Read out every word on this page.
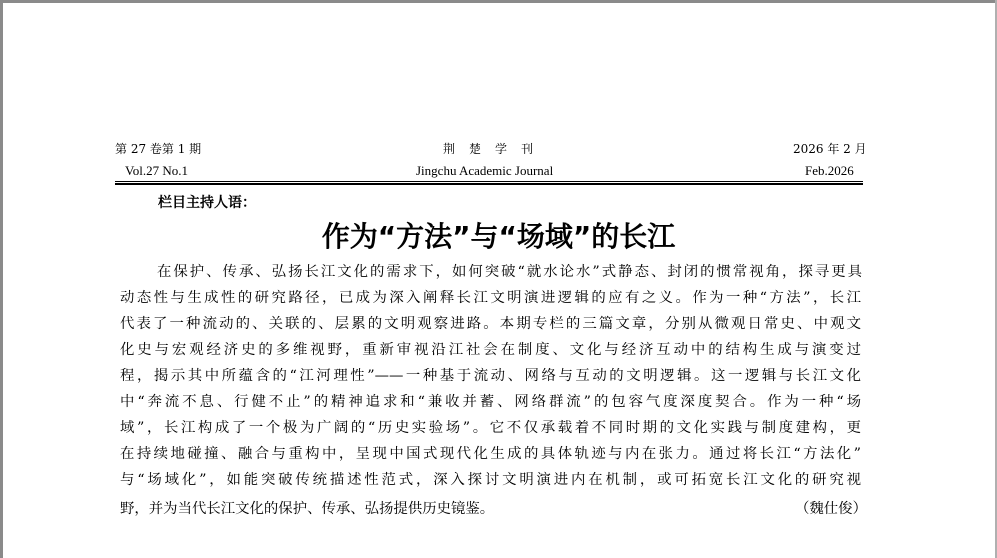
第 27 卷第 1 期
Vol.27 No.1
荆楚学刊
Jingchu Academic Journal
2026 年 2 月
Feb.2026
栏目主持人语：
作为“方法”与“场域”的长江
在保护、传承、弘扬长江文化的需求下，如何突破“就水论水”式静态、封闭的惯常视角，探寻更具
动态性与生成性的研究路径，已成为深入阐释长江文明演进逻辑的应有之义。作为一种“方法”，长江
代表了一种流动的、关联的、层累的文明观察进路。本期专栏的三篇文章，分别从微观日常史、中观文
化史与宏观经济史的多维视野，重新审视沿江社会在制度、文化与经济互动中的结构生成与演变过
程，揭示其中所蕴含的“江河理性”——一种基于流动、网络与互动的文明逻辑。这一逻辑与长江文化
中“奔流不息、行健不止”的精神追求和“兼收并蓄、网络群流”的包容气度深度契合。作为一种“场
域”，长江构成了一个极为广阔的“历史实验场”。它不仅承载着不同时期的文化实践与制度建构，更
在持续地碰撞、融合与重构中，呈现中国式现代化生成的具体轨迹与内在张力。通过将长江“方法化”
与“场域化”，如能突破传统描述性范式，深入探讨文明演进内在机制，或可拓宽长江文化的研究视
野，并为当代长江文化的保护、传承、弘扬提供历史镜鉴。	（魏仕俊）
